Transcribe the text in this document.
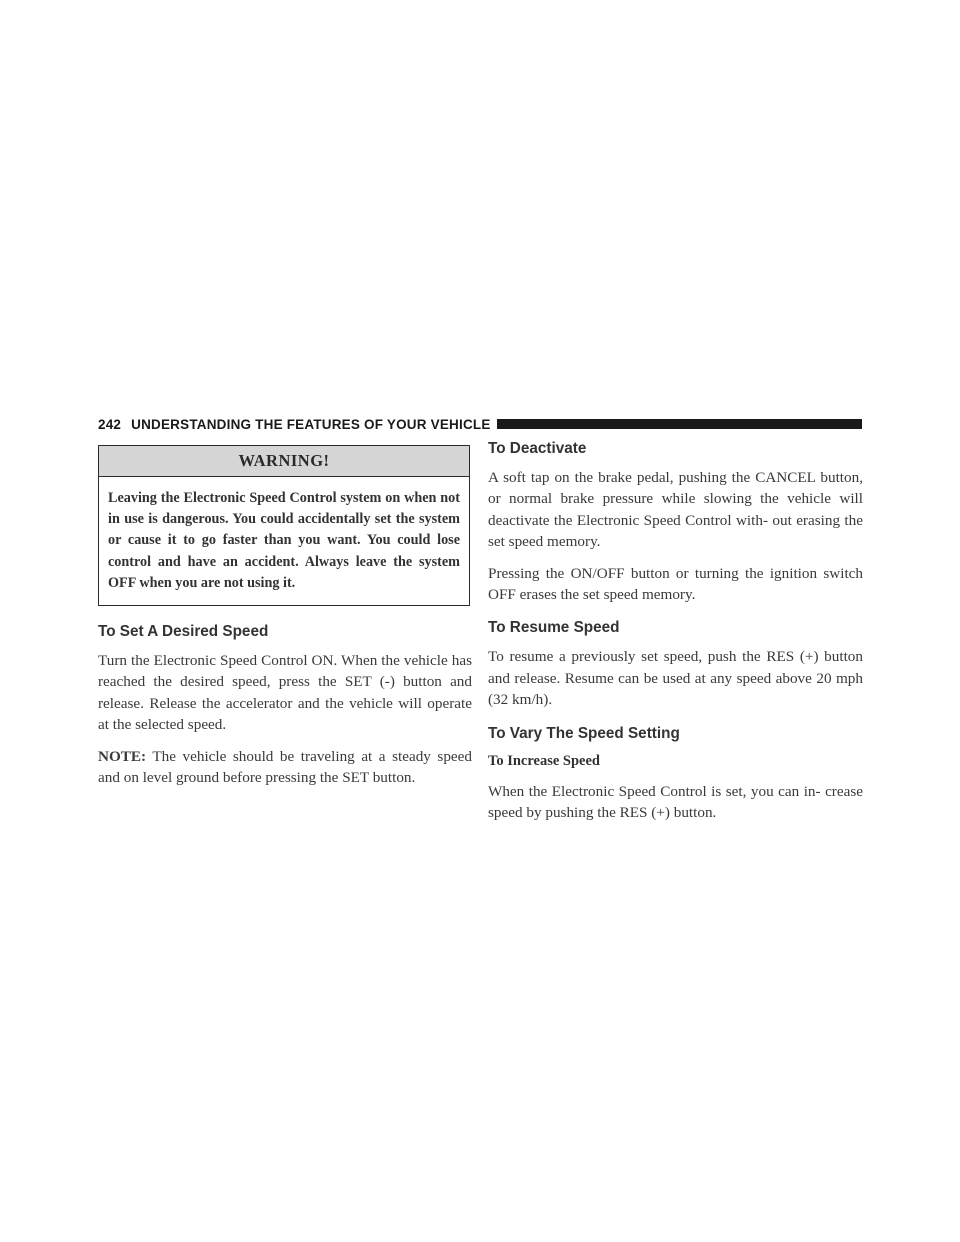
242 UNDERSTANDING THE FEATURES OF YOUR VEHICLE
WARNING!
Leaving the Electronic Speed Control system on when not in use is dangerous. You could accidentally set the system or cause it to go faster than you want. You could lose control and have an accident. Always leave the system OFF when you are not using it.
To Set A Desired Speed

Turn the Electronic Speed Control ON. When the vehicle has reached the desired speed, press the SET (-) button and release. Release the accelerator and the vehicle will operate at the selected speed.

NOTE: The vehicle should be traveling at a steady speed and on level ground before pressing the SET button.

To Deactivate

A soft tap on the brake pedal, pushing the CANCEL button, or normal brake pressure while slowing the vehicle will deactivate the Electronic Speed Control with- out erasing the set speed memory.

Pressing the ON/OFF button or turning the ignition switch OFF erases the set speed memory.

To Resume Speed

To resume a previously set speed, push the RES (+) button and release. Resume can be used at any speed above 20 mph (32 km/h).

To Vary The Speed Setting
To Increase Speed

When the Electronic Speed Control is set, you can in- crease speed by pushing the RES (+) button.
